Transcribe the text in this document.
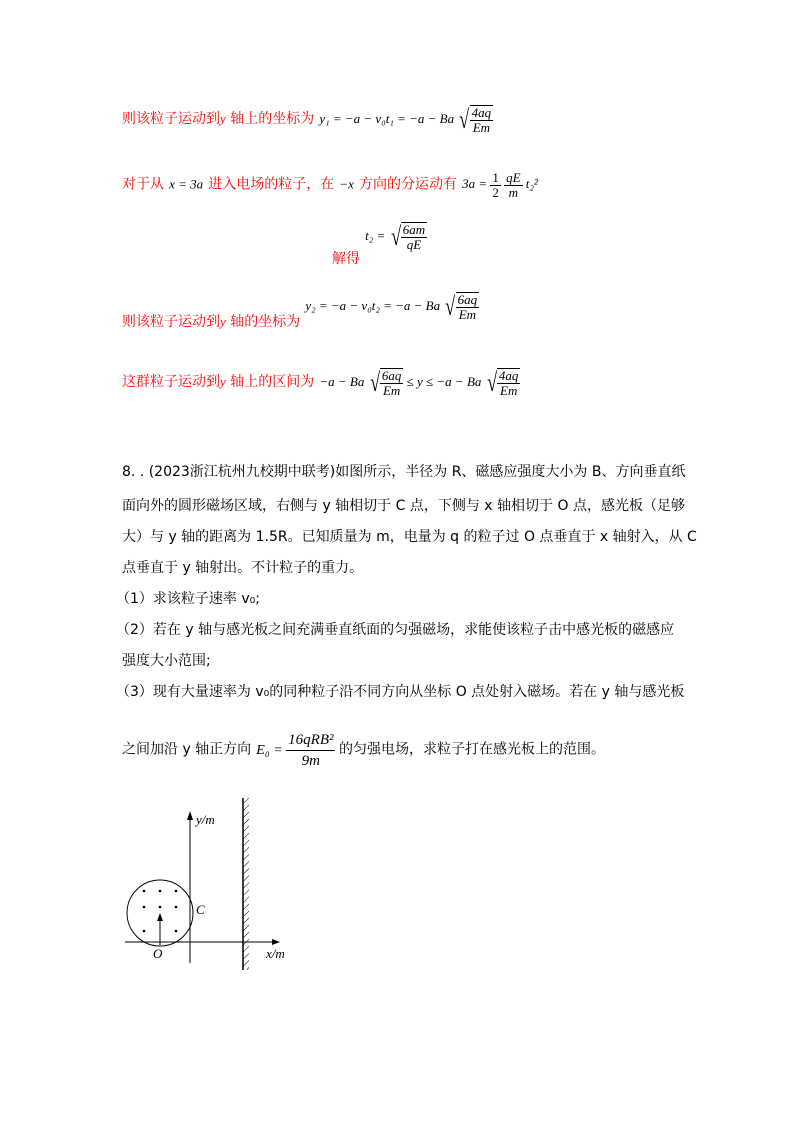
则该粒子运动到y 轴上的坐标为 y₁ = −a − v₀t₁ = −a − Ba √ $\frac{4aq}{Em}$
对于从 x = 3a 进入电场的粒子，在 −x 方向的分运动有 $3a = \frac{1}{2}$
$\frac{qE}{m} t_2^2$
解得 t₂ = √ $\frac{6am}{qE}$
则该粒子运动到$_y$ 轴的坐标为 y₂ = −a − v₀t₂ = −a − Ba √ $\frac{6aq}{Em}$
这群粒子运动到y 轴上的区间为 −a − Ba √ $\frac{6aq}{Em} \le y \le -a - Ba$ √ $\frac{4aq}{Em}$
8. . (2023浙江杭州九校期中联考)如图所示，半径为 R、磁感应强度大小为 B、方向垂直纸
面向外的圆形磁场区域，右侧与 y 轴相切于 C 点，下侧与 x 轴相切于 O 点，感光板（足够
大）与 y 轴的距离为 1.5R。已知质量为 m，电量为 q 的粒子过 O 点垂直于 x 轴射入，从 C
点垂直于 y 轴射出。不计粒子的重力。
（1）求该粒子速率 v₀;
（2）若在 y 轴与感光板之间充满垂直纸面的匀强磁场，求能使该粒子击中感光板的磁感应
强度大小范围;
（3）现有大量速率为 v₀的同种粒子沿不同方向从坐标 O 点处射入磁场。若在 y 轴与感光板
之间加沿 y 轴正方向 $E_0 = \frac{\text{16qRB²}}{9m}$ 的匀强电场，求粒子打在感光板上的范围。
y/m
x/m
C
O
